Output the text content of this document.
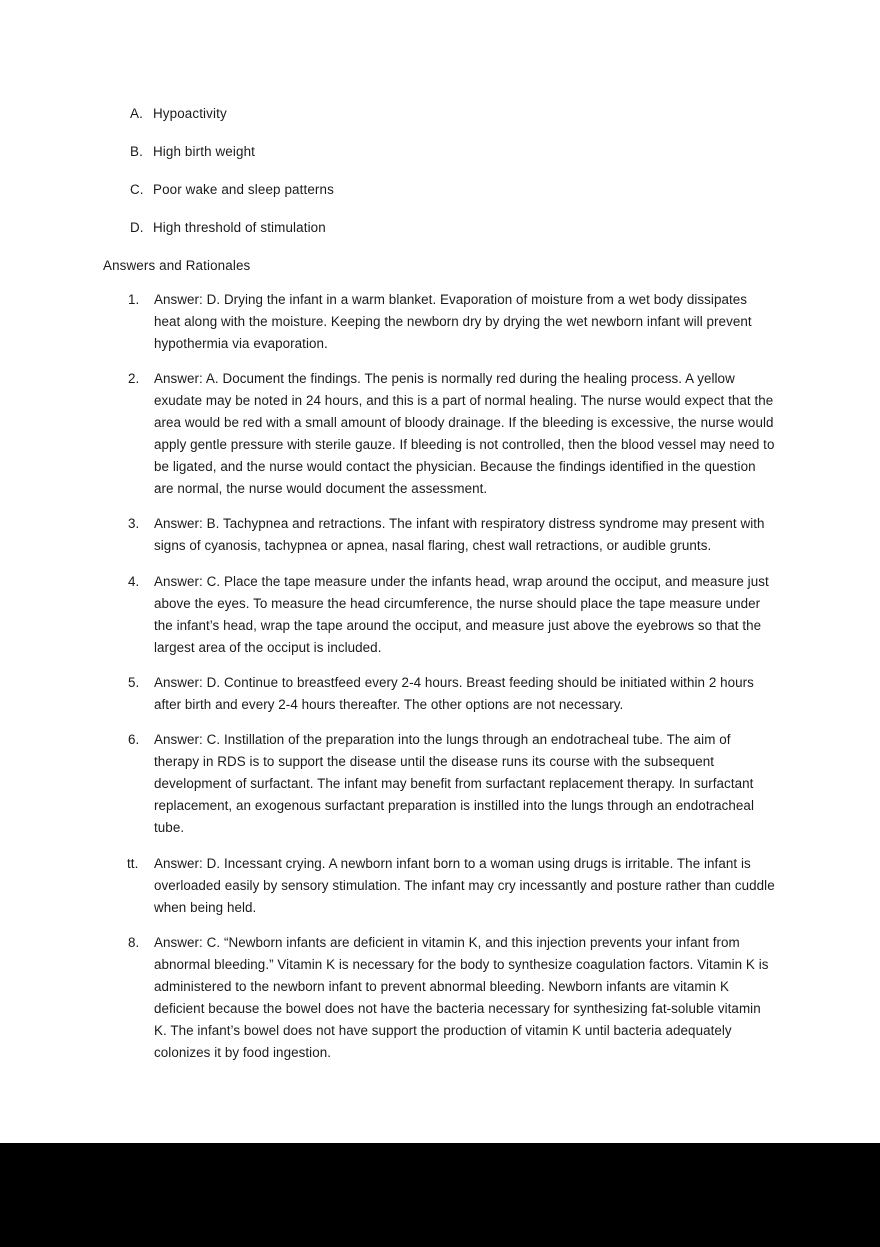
A. Hypoactivity
B. High birth weight
C. Poor wake and sleep patterns
D. High threshold of stimulation

Answers and Rationales

1.	Answer: D. Drying the infant in a warm blanket. Evaporation of moisture from a wet body dissipates heat along with the moisture. Keeping the newborn dry by drying the wet newborn infant will prevent hypothermia via evaporation.
2.	Answer: A. Document the findings. The penis is normally red during the healing process. A yellow exudate may be noted in 24 hours, and this is a part of normal healing. The nurse would expect that the area would be red with a small amount of bloody drainage. If the bleeding is excessive, the nurse would apply gentle pressure with sterile gauze. If bleeding is not controlled, then the blood vessel may need to be ligated, and the nurse would contact the physician. Because the findings identified in the question are normal, the nurse would document the assessment.
3.	Answer: B. Tachypnea and retractions. The infant with respiratory distress syndrome may present with signs of cyanosis, tachypnea or apnea, nasal flaring, chest wall retractions, or audible grunts.
4.	Answer: C. Place the tape measure under the infants head, wrap around the occiput, and measure just above the eyes. To measure the head circumference, the nurse should place the tape measure under the infant’s head, wrap the tape around the occiput, and measure just above the eyebrows so that the largest area of the occiput is included.
5.	Answer: D. Continue to breastfeed every 2-4 hours. Breast feeding should be initiated within 2 hours after birth and every 2-4 hours thereafter. The other options are not necessary.
6.	Answer: C. Instillation of the preparation into the lungs through an endotracheal tube. The aim of therapy in RDS is to support the disease until the disease runs its course with the subsequent development of surfactant. The infant may benefit from surfactant replacement therapy. In surfactant replacement, an exogenous surfactant preparation is instilled into the lungs through an endotracheal tube.
tt.	Answer: D. Incessant crying. A newborn infant born to a woman using drugs is irritable. The infant is overloaded easily by sensory stimulation. The infant may cry incessantly and posture rather than cuddle when being held.
8.	Answer: C. “Newborn infants are deficient in vitamin K, and this injection prevents your infant from abnormal bleeding.” Vitamin K is necessary for the body to synthesize coagulation factors. Vitamin K is administered to the newborn infant to prevent abnormal bleeding. Newborn infants are vitamin K deficient because the bowel does not have the bacteria necessary for synthesizing fat-soluble vitamin K. The infant’s bowel does not have support the production of vitamin K until bacteria adequately colonizes it by food ingestion.
